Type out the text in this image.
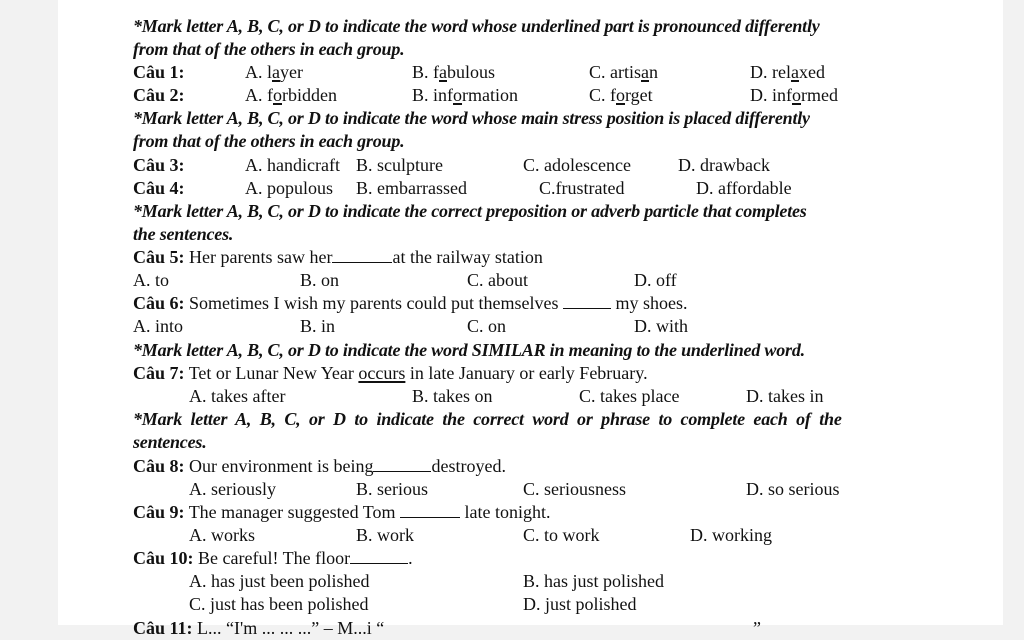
*Mark letter A, B, C, or D to indicate the word whose underlined part is pronounced differently
from that of the others in each group.
Câu 1:	A. layer	B. fabulous	C. artisan	D. relaxed
Câu 2:	A. forbidden	B. information	C. forget	D. informed
*Mark letter A, B, C, or D to indicate the word whose main stress position is placed differently
from that of the others in each group.
Câu 3:	A. handicraft B. sculpture	C. adolescence	D. drawback
Câu 4:	A. populous B. embarrassed	C.frustrated	D. affordable
*Mark letter A, B, C, or D to indicate the correct preposition or adverb particle that completes
the sentences.
Câu 5: Her parents saw her	at the railway station
A. to	B. on	C. about	D. off
Câu 6: Sometimes I wish my parents could put themselves	my shoes.
A. into	B. in	C. on	D. with
*Mark letter A, B, C, or D to indicate the word SIMILAR in meaning to the underlined word.
Câu 7: Tet or Lunar New Year occurs in late January or early February.
A. takes after	B. takes on	C. takes place	D. takes in
*Mark letter A, B, C, or D to indicate the correct word or phrase to complete each of the
sentences.
Câu 8: Our environment is being	destroyed.
A. seriously	B. serious	C. seriousness	D. so serious
Câu 9: The manager suggested Tom	late tonight.
A. works	B. work	C. to work	D. working
Câu 10: Be careful! The floor	.
A. has just been polished	B. has just polished
C. just has been polished	D. just polished
Câu 11: L... “I'm ... ... ...” – M...i “	”
